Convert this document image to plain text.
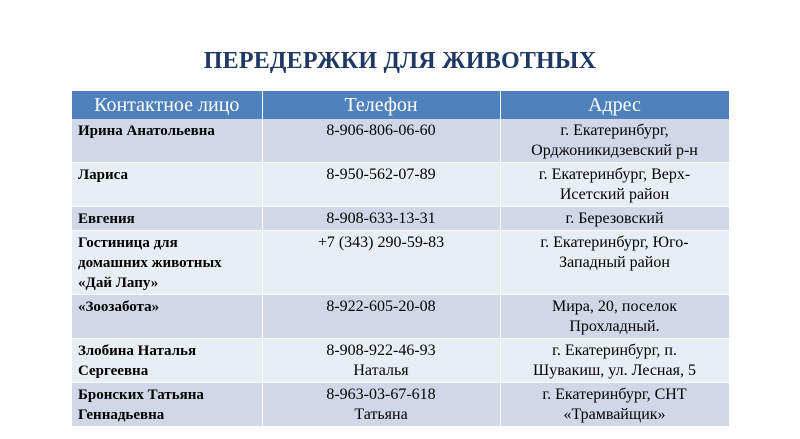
ПЕРЕДЕРЖКИ ДЛЯ ЖИВОТНЫХ
Контактное лицо	Телефон	Адрес

Ирина Анатольевна	8-906-806-06-60	г. Екатеринбург,
Орджоникидзевский р-н

Лариса	8-950-562-07-89	г. Екатеринбург, Верх-
Исетский район

Евгения	8-908-633-13-31	г. Березовский

Гостиница для
домашних животных
«Дай Лапу»	+7 (343) 290-59-83	г. Екатеринбург, Юго-
Западный район

«Зоозабота»	8-922-605-20-08	Мира, 20, поселок
Прохладный.

Злобина Наталья
Сергеевна	8-908-922-46-93
Наталья	г. Екатеринбург, п.
Шувакиш, ул. Лесная, 5

Бронских Татьяна
Геннадьевна	8-963-03-67-618
Татьяна	г. Екатеринбург, СНТ
«Трамвайщик»
